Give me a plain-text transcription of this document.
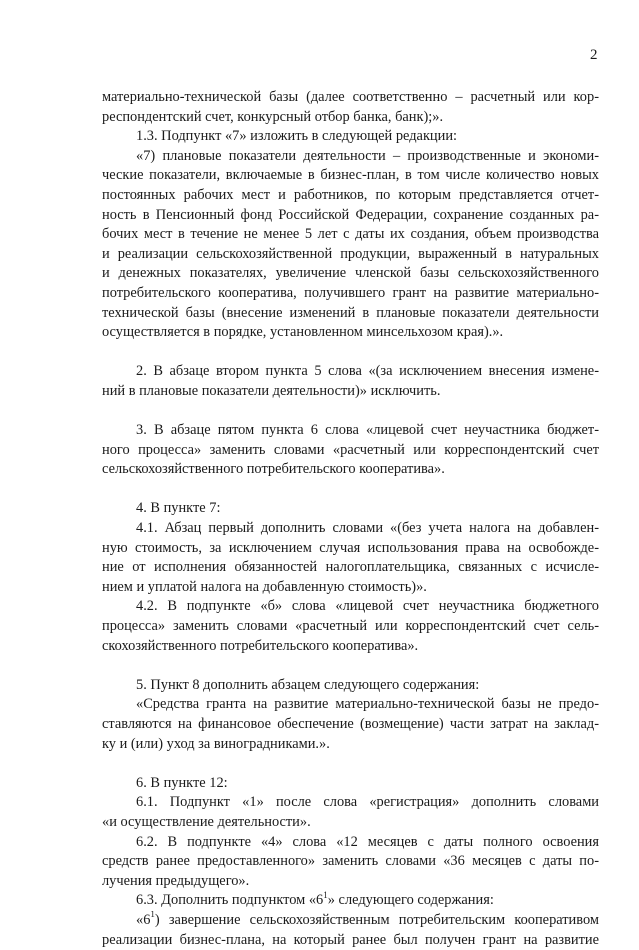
2
материально-технической базы (далее соответственно – расчетный или кор-
респондентский счет, конкурсный отбор банка, банк);».
1.3. Подпункт «7» изложить в следующей редакции:
«7) плановые показатели деятельности – производственные и экономи-
ческие показатели, включаемые в бизнес-план, в том числе количество новых
постоянных рабочих мест и работников, по которым представляется отчет-
ность в Пенсионный фонд Российской Федерации, сохранение созданных ра-
бочих мест в течение не менее 5 лет с даты их создания, объем производства
и реализации сельскохозяйственной продукции, выраженный в натуральных
и денежных показателях, увеличение членской базы сельскохозяйственного
потребительского кооператива, получившего грант на развитие материально-
технической базы (внесение изменений в плановые показатели деятельности
осуществляется в порядке, установленном минсельхозом края).».
2. В абзаце втором пункта 5 слова «(за исключением внесения измене-
ний в плановые показатели деятельности)» исключить.
3. В абзаце пятом пункта 6 слова «лицевой счет неучастника бюджет-
ного процесса» заменить словами «расчетный или корреспондентский счет
сельскохозяйственного потребительского кооператива».
4. В пункте 7:
4.1. Абзац первый дополнить словами «(без учета налога на добавлен-
ную стоимость, за исключением случая использования права на освобожде-
ние от исполнения обязанностей налогоплательщика, связанных с исчисле-
нием и уплатой налога на добавленную стоимость)».
4.2. В подпункте «б» слова «лицевой счет неучастника бюджетного
процесса» заменить словами «расчетный или корреспондентский счет сель-
скохозяйственного потребительского кооператива».
5. Пункт 8 дополнить абзацем следующего содержания:
«Средства гранта на развитие материально-технической базы не предо-
ставляются на финансовое обеспечение (возмещение) части затрат на заклад-
ку и (или) уход за виноградниками.».
6. В пункте 12:
6.1. Подпункт «1» после слова «регистрация» дополнить словами
«и осуществление деятельности».
6.2. В подпункте «4» слова «12 месяцев с даты полного освоения
средств ранее предоставленного» заменить словами «36 месяцев с даты по-
лучения предыдущего».
6.3. Дополнить подпунктом «$6^1$» следующего содержания:
«$6^1$) завершение сельскохозяйственным потребительским кооперативом
реализации бизнес-плана, на который ранее был получен грант на развитие
